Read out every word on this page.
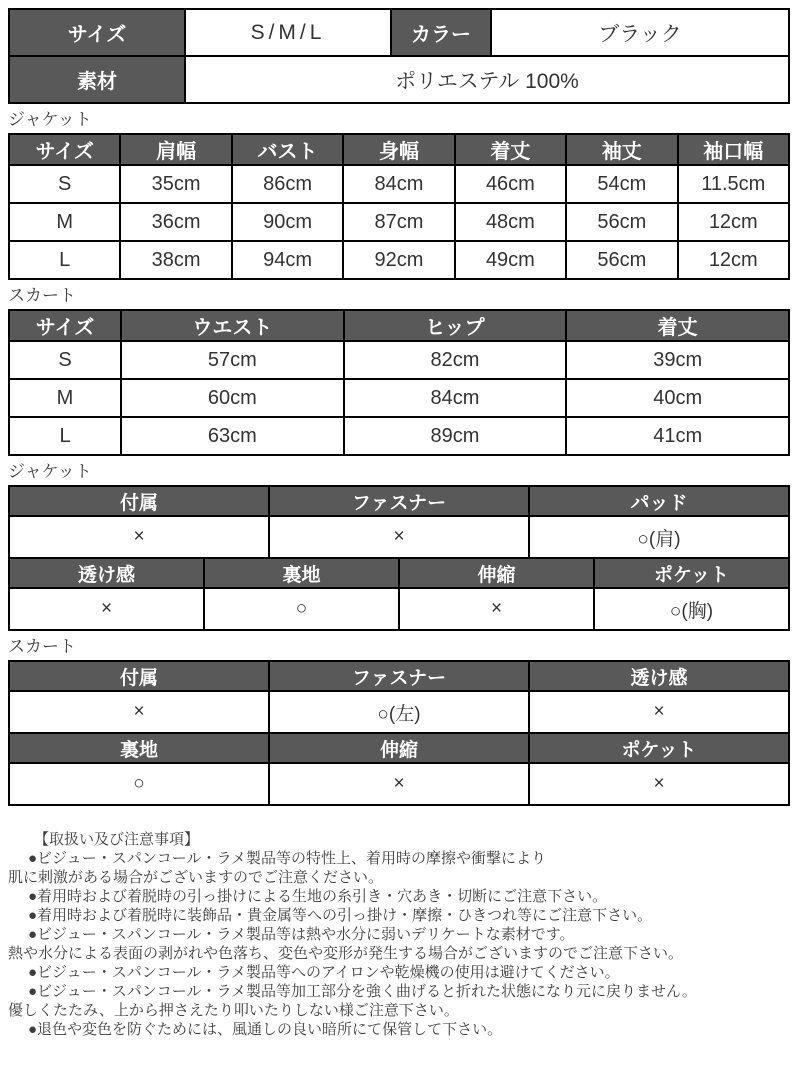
サイズ	S/M/L	カラー	ブラック
素材	ポリエステル 100%		
ジャケット
サイズ	肩幅	バスト	身幅	着丈	袖丈	袖口幅
S	35cm	86cm	84cm	46cm	54cm	11.5cm
M	36cm	90cm	87cm	48cm	56cm	12cm
L	38cm	94cm	92cm	49cm	56cm	12cm
スカート
サイズ	ウエスト	ヒップ	着丈
S	57cm	82cm	39cm
M	60cm	84cm	40cm
L	63cm	89cm	41cm
ジャケット
付属		ファスナー		パッド	
×		×		○(肩)	
透け感	裏地		伸縮		ポケット
×	○		×		○(胸)
スカート
付属	ファスナー	透け感
×	○(左)	×
裏地	伸縮	ポケット
○	×	×
【取扱い及び注意事項】
●ビジュー・スパンコール・ラメ製品等の特性上、着用時の摩擦や衝撃により
肌に刺激がある場合がございますのでご注意ください。
●着用時および着脱時の引っ掛けによる生地の糸引き・穴あき・切断にご注意下さい。
●着用時および着脱時に装飾品・貴金属等への引っ掛け・摩擦・ひきつれ等にご注意下さい。
●ビジュー・スパンコール・ラメ製品等は熱や水分に弱いデリケートな素材です。
熱や水分による表面の剥がれや色落ち、変色や変形が発生する場合がございますのでご注意下さい。
●ビジュー・スパンコール・ラメ製品等へのアイロンや乾燥機の使用は避けてください。
●ビジュー・スパンコール・ラメ製品等加工部分を強く曲げると折れた状態になり元に戻りません。
優しくたたみ、上から押さえたり叩いたりしない様ご注意下さい。
●退色や変色を防ぐためには、風通しの良い暗所にて保管して下さい。
